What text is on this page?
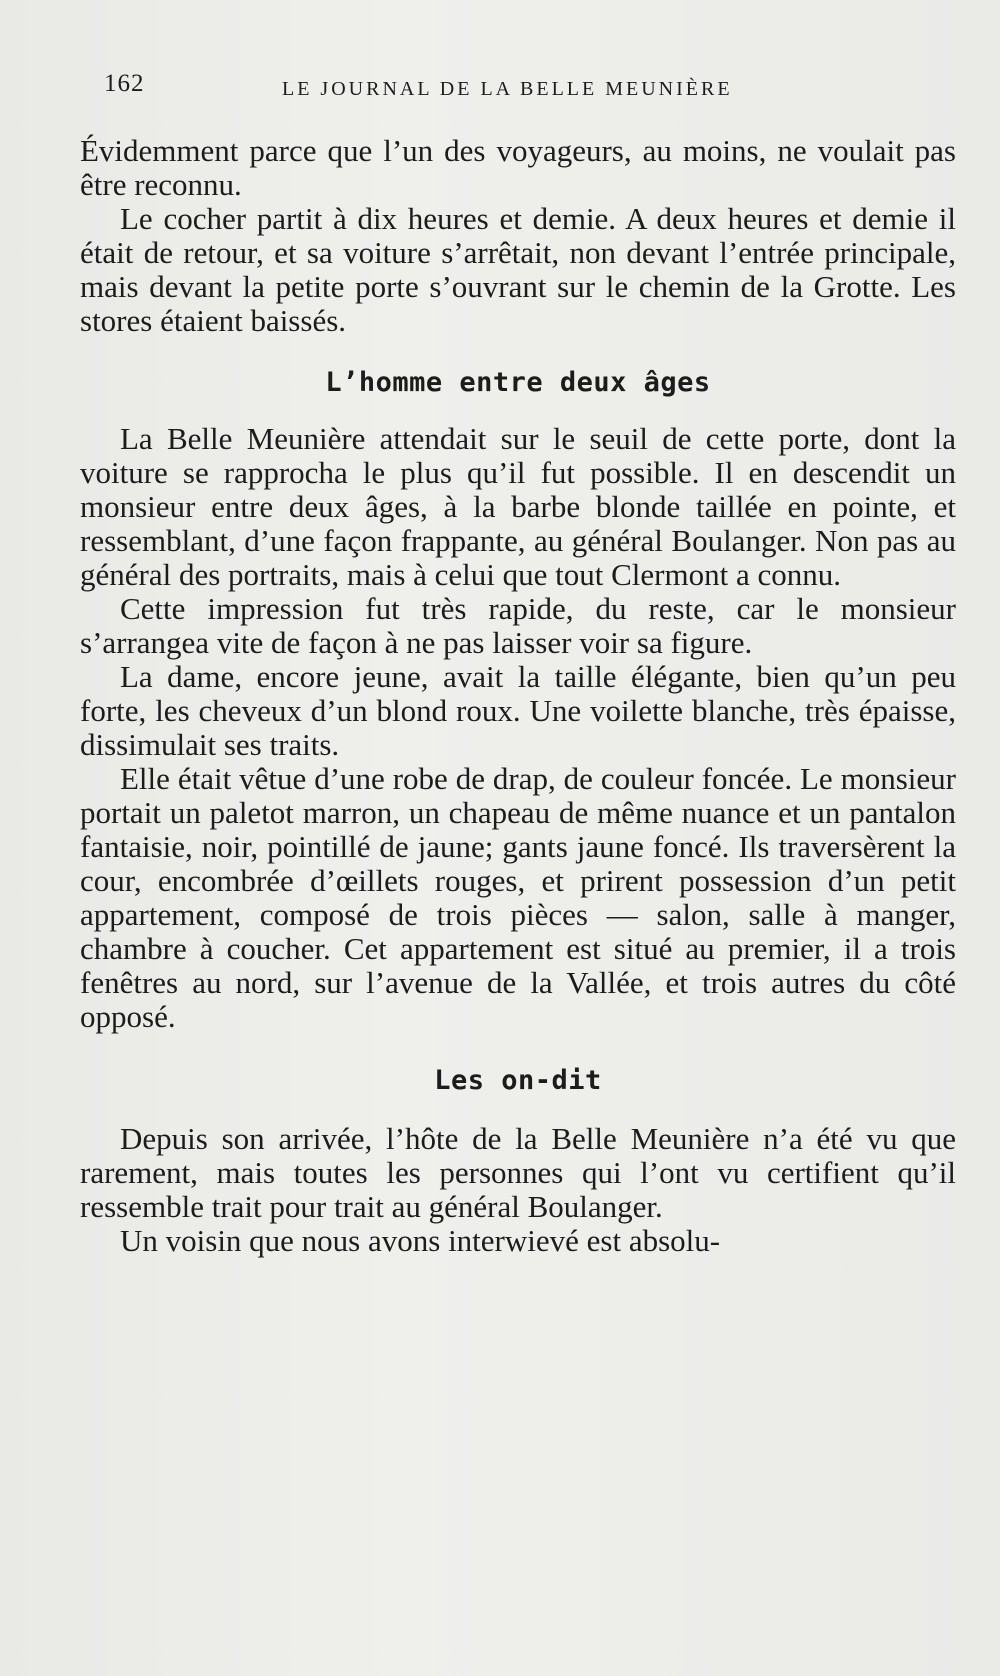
162	LE JOURNAL DE LA BELLE MEUNIÈRE

Évidemment parce que l’un des voyageurs, au moins, ne voulait pas être reconnu.

Le cocher partit à dix heures et demie. A deux heures et demie il était de retour, et sa voiture s’arrêtait, non devant l’entrée principale, mais devant la petite porte s’ouvrant sur le chemin de la Grotte. Les stores étaient baissés.

L’homme entre deux âges

La Belle Meunière attendait sur le seuil de cette porte, dont la voiture se rapprocha le plus qu’il fut possible. Il en descendit un monsieur entre deux âges, à la barbe blonde taillée en pointe, et ressemblant, d’une façon frappante, au général Boulanger. Non pas au général des portraits, mais à celui que tout Clermont a connu.

Cette impression fut très rapide, du reste, car le monsieur s’arrangea vite de façon à ne pas laisser voir sa figure.

La dame, encore jeune, avait la taille élégante, bien qu’un peu forte, les cheveux d’un blond roux. Une voilette blanche, très épaisse, dissimulait ses traits.

Elle était vêtue d’une robe de drap, de couleur foncée. Le monsieur portait un paletot marron, un chapeau de même nuance et un pantalon fantaisie, noir, pointillé de jaune; gants jaune foncé. Ils traversèrent la cour, encombrée d’œillets rouges, et prirent possession d’un petit appartement, composé de trois pièces — salon, salle à manger, chambre à coucher. Cet appartement est situé au premier, il a trois fenêtres au nord, sur l’avenue de la Vallée, et trois autres du côté opposé.

Les on-dit

Depuis son arrivée, l’hôte de la Belle Meunière n’a été vu que rarement, mais toutes les personnes qui l’ont vu certifient qu’il ressemble trait pour trait au général Boulanger.

Un voisin que nous avons interwievé est absolu-
